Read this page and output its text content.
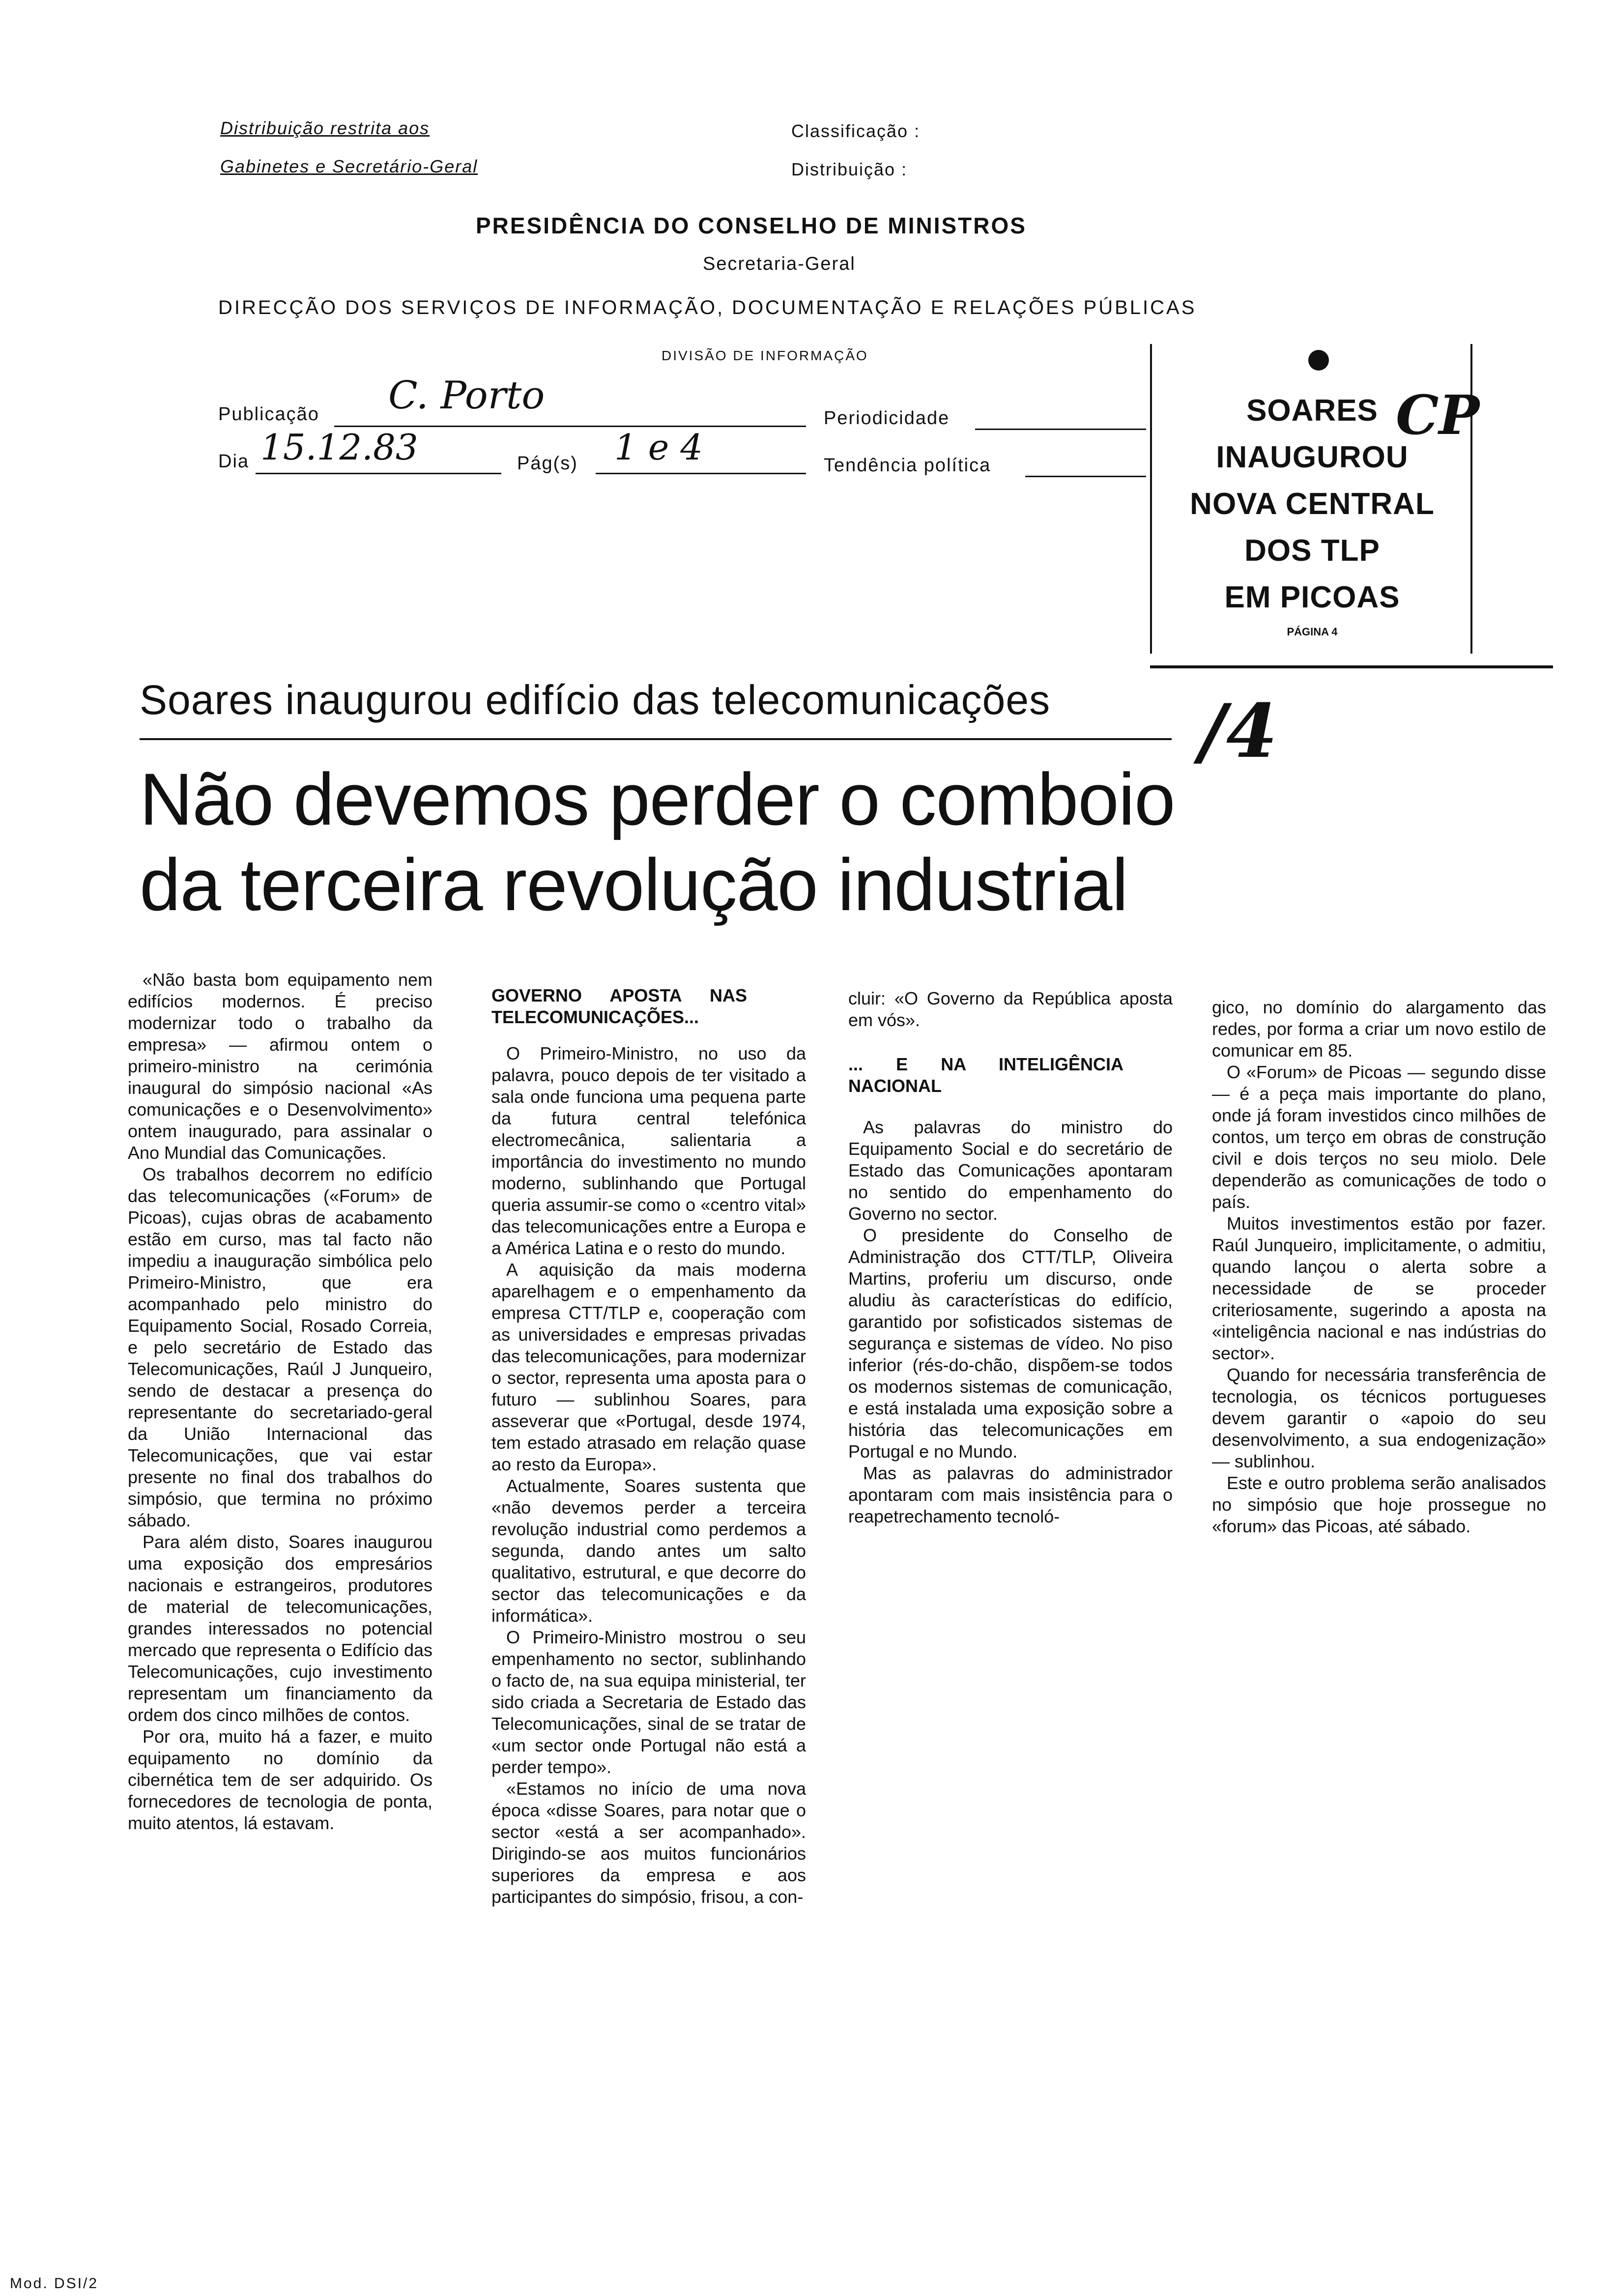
Distribuição restrita aos
Gabinetes e Secretário-Geral
Classificação :
Distribuição :
PRESIDÊNCIA DO CONSELHO DE MINISTROS
Secretaria-Geral
DIRECÇÃO DOS SERVIÇOS DE INFORMAÇÃO, DOCUMENTAÇÃO E RELAÇÕES PÚBLICAS
DIVISÃO DE INFORMAÇÃO
Publicação C. Porto
Dia 15.12.83	Pág(s) 1 e 4
Periodicidade
Tendência política
SOARES
INAUGUROU
NOVA CENTRAL
DOS TLP
EM PICOAS
PÁGINA 4
CP
Soares inaugurou edifício das telecomunicações /4
Não devemos perder o comboio
da terceira revolução industrial

«Não basta bom equipamento nem edifícios modernos. É preciso modernizar todo o trabalho da empresa» — afirmou ontem o primeiro-ministro na cerimónia inaugural do simpósio nacional «As comunicações e o Desenvolvimento» ontem inaugurado, para assinalar o Ano Mundial das Comunicações.

Os trabalhos decorrem no edifício das telecomunicações («Forum» de Picoas), cujas obras de acabamento estão em curso, mas tal facto não impediu a inauguração simbólica pelo Primeiro-Ministro, que era acompanhado pelo ministro do Equipamento Social, Rosado Correia, e pelo secretário de Estado das Telecomunicações, Raúl J Junqueiro, sendo de destacar a presença do representante do secretariado-geral da União Internacional das Telecomunicações, que vai estar presente no final dos trabalhos do simpósio, que termina no próximo sábado.

Para além disto, Soares inaugurou uma exposição dos empresários nacionais e estrangeiros, produtores de material de telecomunicações, grandes interessados no potencial mercado que representa o Edifício das Telecomunicações, cujo investimento representam um financiamento da ordem dos cinco milhões de contos.

Por ora, muito há a fazer, e muito equipamento no domínio da cibernética tem de ser adquirido. Os fornecedores de tecnologia de ponta, muito atentos, lá estavam.

GOVERNO APOSTA NAS TELECOMUNICAÇÕES...

O Primeiro-Ministro, no uso da palavra, pouco depois de ter visitado a sala onde funciona uma pequena parte da futura central telefónica electromecânica, salientaria a importância do investimento no mundo moderno, sublinhando que Portugal queria assumir-se como o «centro vital» das telecomunicações entre a Europa e a América Latina e o resto do mundo.

A aquisição da mais moderna aparelhagem e o empenhamento da empresa CTT/TLP e, cooperação com as universidades e empresas privadas das telecomunicações, para modernizar o sector, representa uma aposta para o futuro — sublinhou Soares, para asseverar que «Portugal, desde 1974, tem estado atrasado em relação quase ao resto da Europa».

Actualmente, Soares sustenta que «não devemos perder a terceira revolução industrial como perdemos a segunda, dando antes um salto qualitativo, estrutural, e que decorre do sector das telecomunicações e da informática».

O Primeiro-Ministro mostrou o seu empenhamento no sector, sublinhando o facto de, na sua equipa ministerial, ter sido criada a Secretaria de Estado das Telecomunicações, sinal de se tratar de «um sector onde Portugal não está a perder tempo».

«Estamos no início de uma nova época «disse Soares, para notar que o sector «está a ser acompanhado». Dirigindo-se aos muitos funcionários superiores da empresa e aos participantes do simpósio, frisou, a con-

cluir: «O Governo da República aposta em vós».

... E NA INTELIGÊNCIA NACIONAL

As palavras do ministro do Equipamento Social e do secretário de Estado das Comunicações apontaram no sentido do empenhamento do Governo no sector.

O presidente do Conselho de Administração dos CTT/TLP, Oliveira Martins, proferiu um discurso, onde aludiu às características do edifício, garantido por sofisticados sistemas de segurança e sistemas de vídeo. No piso inferior (rés-do-chão, dispõem-se todos os modernos sistemas de comunicação, e está instalada uma exposição sobre a história das telecomunicações em Portugal e no Mundo.

Mas as palavras do administrador apontaram com mais insistência para o reapetrechamento tecnoló-

gico, no domínio do alargamento das redes, por forma a criar um novo estilo de comunicar em 85.

O «Forum» de Picoas — segundo disse — é a peça mais importante do plano, onde já foram investidos cinco milhões de contos, um terço em obras de construção civil e dois terços no seu miolo. Dele dependerão as comunicações de todo o país.

Muitos investimentos estão por fazer. Raúl Junqueiro, implicitamente, o admitiu, quando lançou o alerta sobre a necessidade de se proceder criteriosamente, sugerindo a aposta na «inteligência nacional e nas indústrias do sector».

Quando for necessária transferência de tecnologia, os técnicos portugueses devem garantir o «apoio do seu desenvolvimento, a sua endogenização» — sublinhou.

Este e outro problema serão analisados no simpósio que hoje prossegue no «forum» das Picoas, até sábado.

Mod. DSI/2
